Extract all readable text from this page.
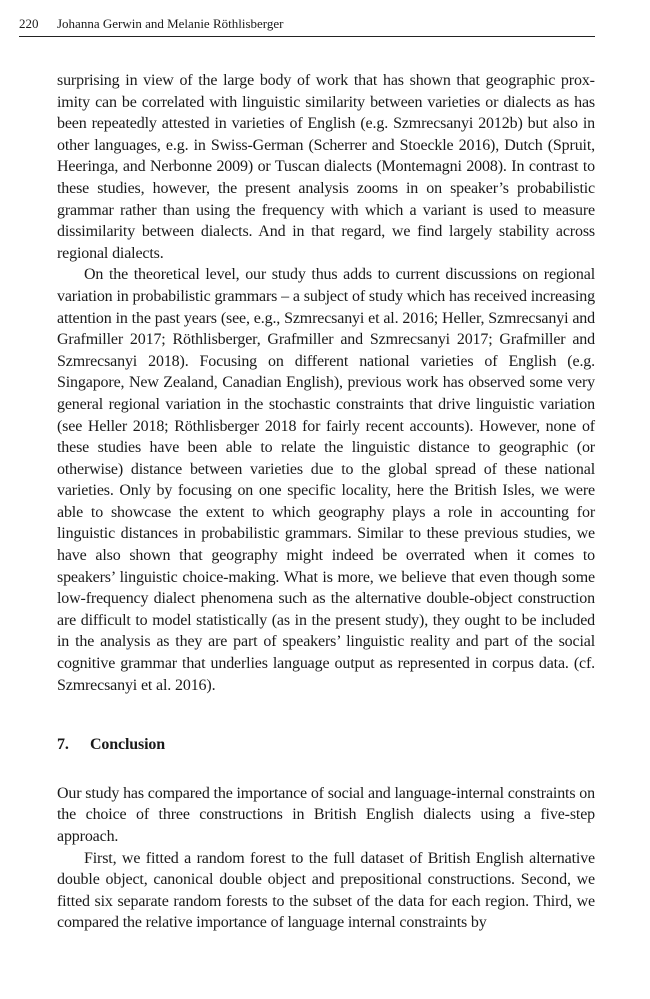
220 Johanna Gerwin and Melanie Röthlisberger

surprising in view of the large body of work that has shown that geographic proximity can be correlated with linguistic similarity between varieties or dialects as has been repeatedly attested in varieties of English (e.g. Szmrecsanyi 2012b) but also in other languages, e.g. in Swiss-German (Scherrer and Stoeckle 2016), Dutch (Spruit, Heeringa, and Nerbonne 2009) or Tuscan dialects (Montemagni 2008). In contrast to these studies, however, the present analysis zooms in on speaker’s probabilistic grammar rather than using the frequency with which a variant is used to measure dissimilarity between dialects. And in that regard, we find largely stability across regional dialects.

On the theoretical level, our study thus adds to current discussions on regional variation in probabilistic grammars – a subject of study which has received increasing attention in the past years (see, e.g., Szmrecsanyi et al. 2016; Heller, Szmrecsanyi and Grafmiller 2017; Röthlisberger, Grafmiller and Szmrecsanyi 2017; Grafmiller and Szmrecsanyi 2018). Focusing on different national varieties of English (e.g. Singapore, New Zealand, Canadian English), previous work has observed some very general regional variation in the stochastic constraints that drive linguistic variation (see Heller 2018; Röthlisberger 2018 for fairly recent accounts). However, none of these studies have been able to relate the linguistic distance to geographic (or otherwise) distance between varieties due to the global spread of these national varieties. Only by focusing on one specific locality, here the British Isles, we were able to showcase the extent to which geography plays a role in accounting for linguistic distances in probabilistic grammars. Similar to these previous studies, we have also shown that geography might indeed be overrated when it comes to speakers’ linguistic choice-making. What is more, we believe that even though some low-frequency dialect phenomena such as the alternative double-object construction are difficult to model statistically (as in the present study), they ought to be included in the analysis as they are part of speakers’ linguistic reality and part of the social cognitive grammar that underlies language output as represented in corpus data. (cf. Szmrecsanyi et al. 2016).

7. Conclusion

Our study has compared the importance of social and language-internal constraints on the choice of three constructions in British English dialects using a five-step approach.

First, we fitted a random forest to the full dataset of British English alternative double object, canonical double object and prepositional constructions. Second, we fitted six separate random forests to the subset of the data for each region. Third, we compared the relative importance of language internal constraints by
